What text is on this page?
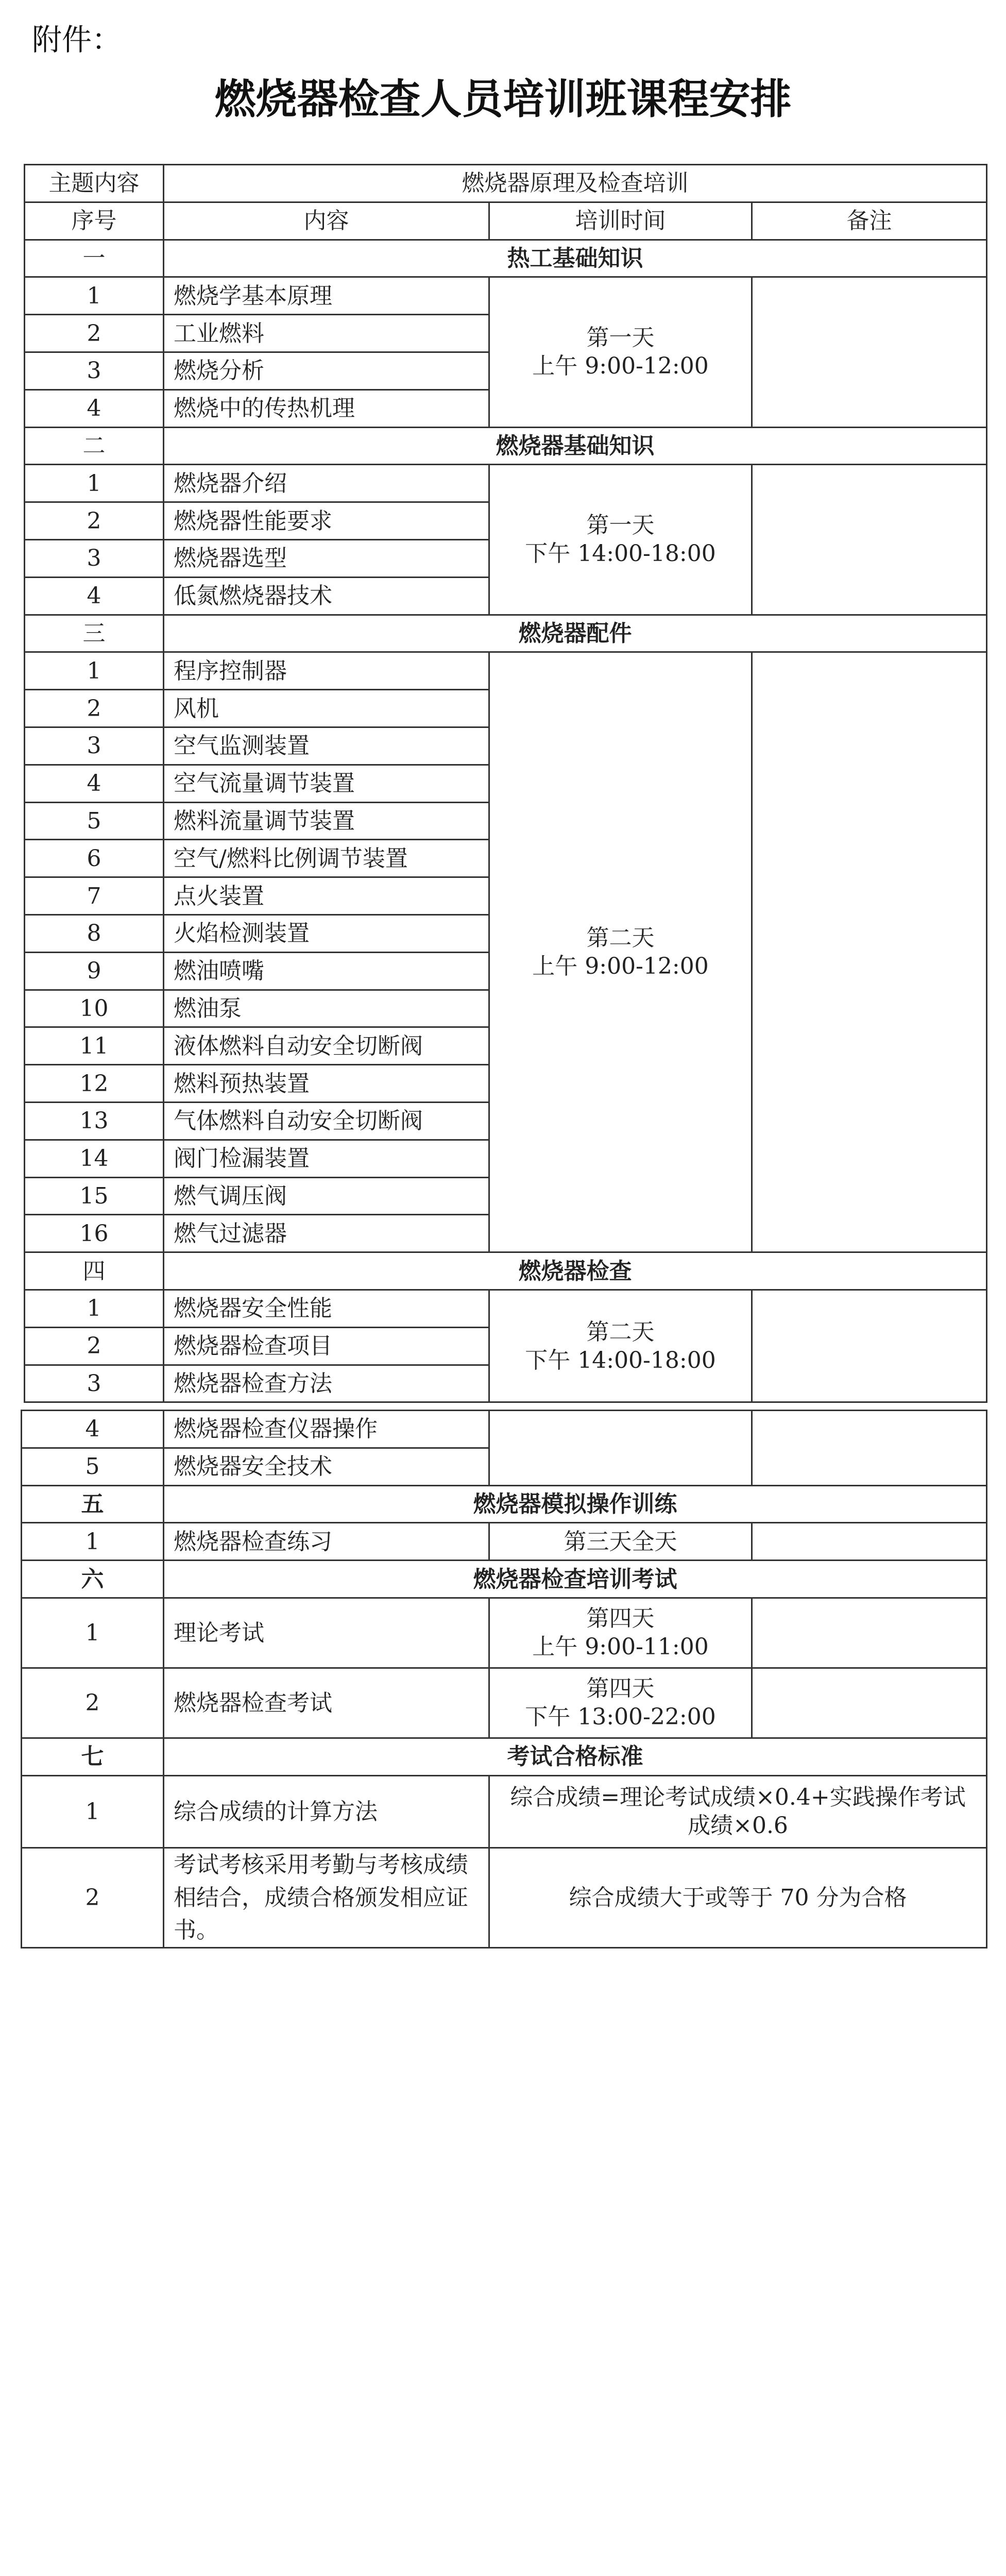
附件：
燃烧器检查人员培训班课程安排
主题内容	燃烧器原理及检查培训		
序号	内容	培训时间	备注
一	热工基础知识		
1	燃烧学基本原理	第一天
上午 9:00-12:00	

2	工业燃料		
3	燃烧分析		
4	燃烧中的传热机理		
二	燃烧器基础知识		
1	燃烧器介绍	第一天
下午 14:00-18:00	

2	燃烧器性能要求		
3	燃烧器选型		
4	低氮燃烧器技术		
三	燃烧器配件		
1	程序控制器	第二天
上午 9:00-12:00	

2	风机		
3	空气监测装置		
4	空气流量调节装置		
5	燃料流量调节装置		
6	空气/燃料比例调节装置		
7	点火装置		
8	火焰检测装置		
9	燃油喷嘴		
10	燃油泵		
11	液体燃料自动安全切断阀		
12	燃料预热装置		
13	气体燃料自动安全切断阀		
14	阀门检漏装置		
15	燃气调压阀		
16	燃气过滤器		
四	燃烧器检查		
1	燃烧器安全性能	第二天
下午 14:00-18:00	

2	燃烧器检查项目		
3	燃烧器检查方法		
4	燃烧器检查仪器操作		
5	燃烧器安全技术		
五	燃烧器模拟操作训练		
1	燃烧器检查练习	第三天全天	
六	燃烧器检查培训考试		
1	理论考试	第四天
上午 9:00-11:00	

2	燃烧器检查考试	第四天
下午 13:00-22:00	

七	考试合格标准		
1	综合成绩的计算方法	综合成绩=理论考试成绩×0.4+实践操作考试成绩×0.6	
2	考试考核采用考勤与考核成绩相结合，成绩合格颁发相应证书。	综合成绩大于或等于 70 分为合格	
